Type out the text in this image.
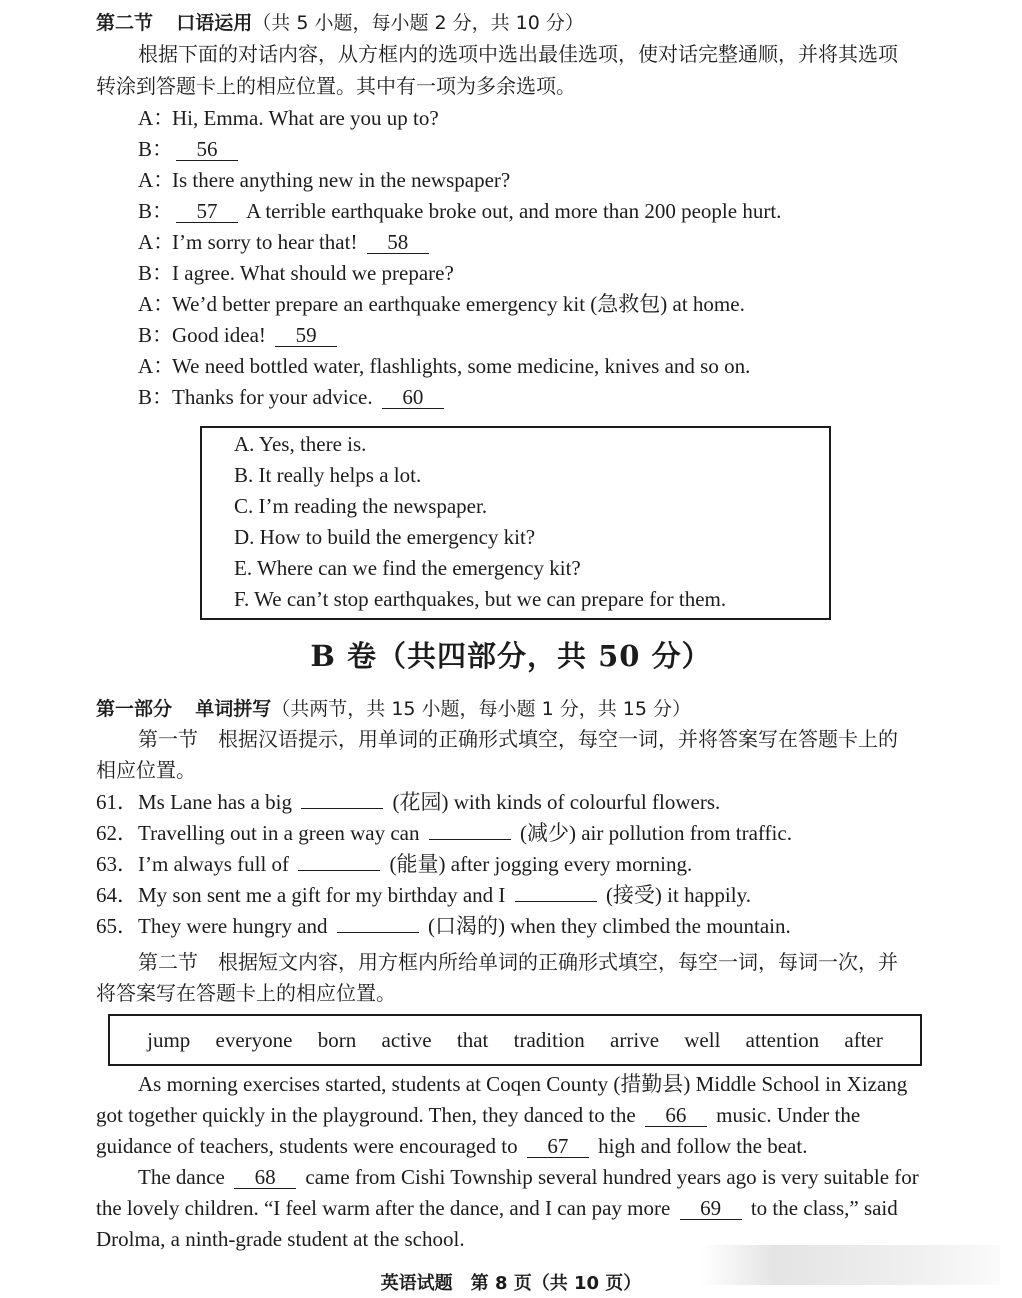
第二节 口语运用（共 5 小题，每小题 2 分，共 10 分）
根据下面的对话内容，从方框内的选项中选出最佳选项，使对话完整通顺，并将其选项
转涂到答题卡上的相应位置。其中有一项为多余选项。
A：Hi, Emma. What are you up to?
B： 56
A：Is there anything new in the newspaper?
B： 57 A terrible earthquake broke out, and more than 200 people hurt.
A：I’m sorry to hear that! 58
B：I agree. What should we prepare?
A：We’d better prepare an earthquake emergency kit (急救包) at home.
B：Good idea! 59
A：We need bottled water, flashlights, some medicine, knives and so on.
B：Thanks for your advice. 60
A. Yes, there is.
B. It really helps a lot.
C. I’m reading the newspaper.
D. How to build the emergency kit?
E. Where can we find the emergency kit?
F. We can’t stop earthquakes, but we can prepare for them.
B 卷（共四部分，共 50 分）
第一部分 单词拼写（共两节，共 15 小题，每小题 1 分，共 15 分）
第一节　根据汉语提示，用单词的正确形式填空，每空一词，并将答案写在答题卡上的
相应位置。
61．Ms Lane has a big	(花园) with kinds of colourful flowers.
62．Travelling out in a green way can	(减少) air pollution from traffic.
63．I’m always full of	(能量) after jogging every morning.
64．My son sent me a gift for my birthday and I	(接受) it happily.
65．They were hungry and	(口渴的) when they climbed the mountain.
第二节　根据短文内容，用方框内所给单词的正确形式填空，每空一词，每词一次，并
将答案写在答题卡上的相应位置。
jump everyone born active that tradition arrive well attention after
As morning exercises started, students at Coqen County (措勤县) Middle School in Xizang
got together quickly in the playground. Then, they danced to the 66 music. Under the
guidance of teachers, students were encouraged to 67 high and follow the beat.
The dance 68 came from Cishi Township several hundred years ago is very suitable for
the lovely children. “I feel warm after the dance, and I can pay more 69 to the class,” said
Drolma, a ninth-grade student at the school.
英语试题　第 8 页（共 10 页）
